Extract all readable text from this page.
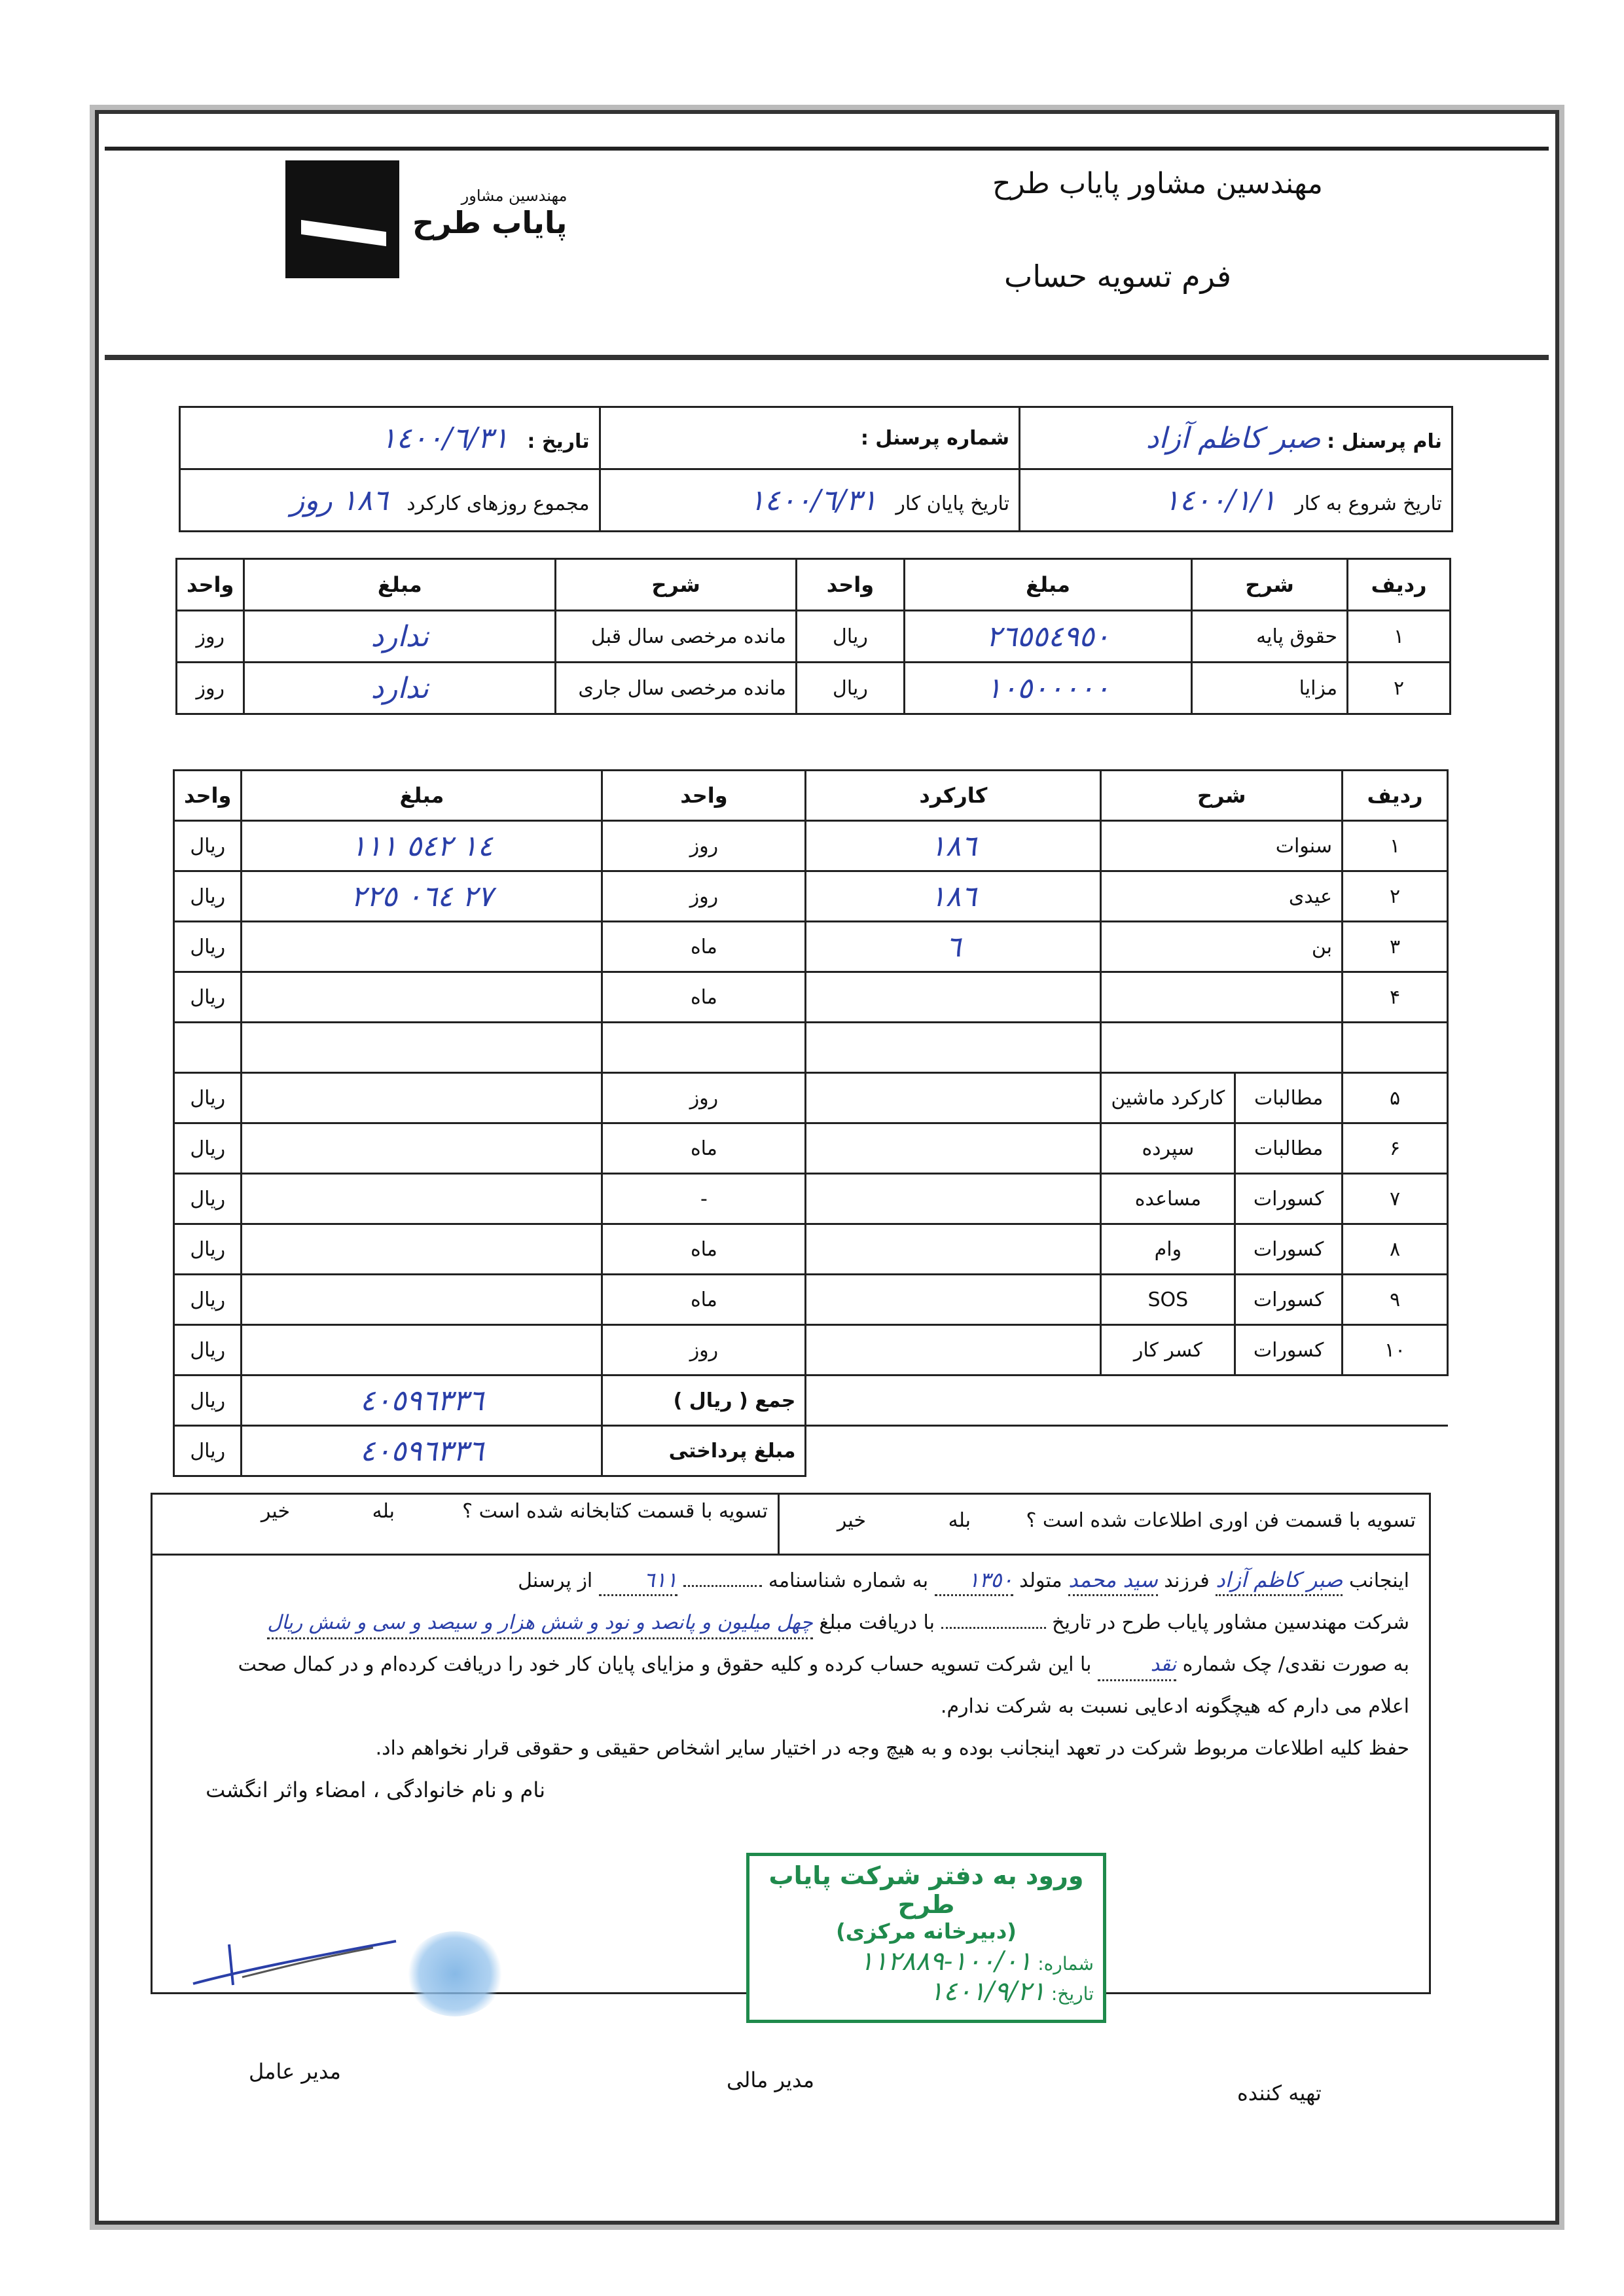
مهندسین مشاور پایاب طرح
فرم تسویه حساب
مهندسین مشاور
پایاب طرح
نام پرسنل : صبر کاظم آزاد	شماره پرسنل :	تاریخ :   ١٤٠٠/٦/٣١
تاریخ شروع به کار   ١٤٠٠/١/١	تاریخ پایان کار   ١٤٠٠/٦/٣١	مجموع روزهای کارکرد   ١٨٦ روز
ردیف	شرح	مبلغ	واحد	شرح	مبلغ	واحد
١	حقوق پایه	٢٦٥٥٤٩٥٠	ریال	مانده مرخصی سال قبل	ندارد	روز
٢	مزایا	١٠٥٠٠٠٠٠	ریال	مانده مرخصی سال جاری	ندارد	روز
ردیف	شرح		کارکرد	واحد	مبلغ	واحد
١	سنوات		١٨٦	روز	١٤ ٥٤٢ ١١١	ریال
٢	عیدی		١٨٦	روز	٢٧ ٠٦٤ ٢٢٥	ریال
٣	بن		٦	ماه		ریال
۴				ماه		ریال

۵	مطالبات	کارکرد ماشین		روز		ریال
۶	مطالبات	سپرده		ماه		ریال
٧	کسورات	مساعده		-		ریال
٨	کسورات	وام		ماه		ریال
٩	کسورات	SOS		ماه		ریال
١٠	کسورات	کسر کار		روز		ریال
				جمع ( ریال )	٤٠٥٩٦٣٣٦	ریال
				مبلغ پرداختی	٤٠٥٩٦٣٣٦	ریال
تسویه با قسمت فن اوری اطلاعات شده است ؟
بله
خیر
تسویه با قسمت کتابخانه شده است ؟
بله
خیر
اینجانب صبر کاظم آزاد فرزند سید محمد متولد ١٣٥٠ به شماره شناسنامه  ٦١١ از پرسنل
شرکت مهندسین مشاور پایاب طرح در تاریخ  با دریافت مبلغ چهل میلیون و پانصد و نود و شش هزار و سیصد و سی و شش ریال
به صورت نقدی/ چک شماره نقد با این شرکت تسویه حساب کرده و کلیه حقوق و مزایای پایان کار خود را دریافت کرده‌ام و در کمال صحت
اعلام می دارم که هیچگونه ادعایی نسبت به شرکت ندارم.
حفظ کلیه اطلاعات مربوط شرکت در تعهد اینجانب بوده و به هیچ وجه در اختیار سایر اشخاص حقیقی و حقوقی قرار نخواهم داد.
نام و نام خانوادگی ، امضاء واثر انگشت
ورود به دفتر شرکت پایاب طرح
(دبیرخانه مرکزی)
شماره: ١٠٠/٠١-١١٢٨٨٩
تاریخ: ١٤٠١/٩/٢١
مدیر عامل	مدیر مالی
تهیه کننده
